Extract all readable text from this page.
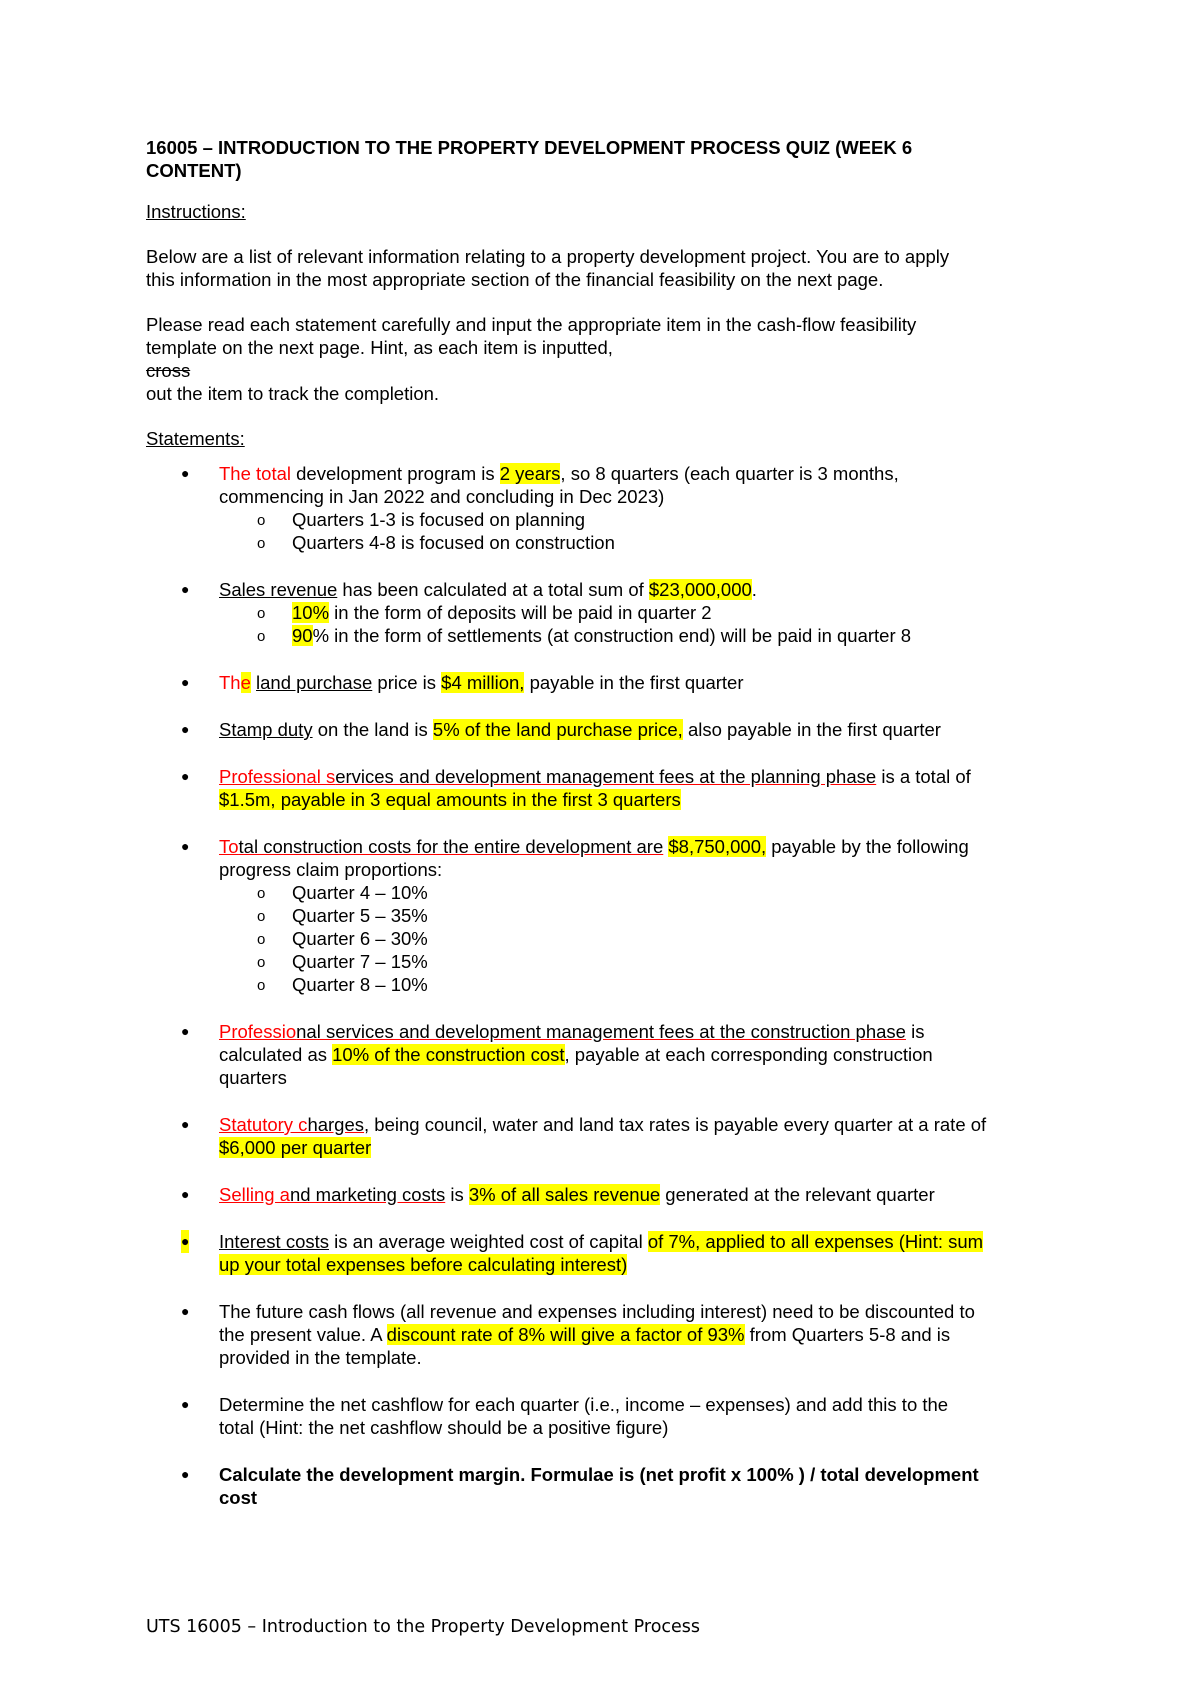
16005 – INTRODUCTION TO THE PROPERTY DEVELOPMENT PROCESS QUIZ (WEEK 6
CONTENT)
Instructions:
Below are a list of relevant information relating to a property development project. You are to apply
this information in the most appropriate section of the financial feasibility on the next page.
Please read each statement carefully and input the appropriate item in the cash-flow feasibility
template on the next page. Hint, as each item is inputted,
cross
out the item to track the completion.
Statements:
● The total development program is 2 years, so 8 quarters (each quarter is 3 months,
commencing in Jan 2022 and concluding in Dec 2023)
o Quarters 1-3 is focused on planning
o Quarters 4-8 is focused on construction
● Sales revenue has been calculated at a total sum of $23,000,000.
o 10% in the form of deposits will be paid in quarter 2
o 90% in the form of settlements (at construction end) will be paid in quarter 8
● The land purchase price is $4 million, payable in the first quarter
● Stamp duty on the land is 5% of the land purchase price, also payable in the first quarter
● Professional services and development management fees at the planning phase is a total of
$1.5m, payable in 3 equal amounts in the first 3 quarters
● Total construction costs for the entire development are $8,750,000, payable by the following
progress claim proportions:
o Quarter 4 – 10%
o Quarter 5 – 35%
o Quarter 6 – 30%
o Quarter 7 – 15%
o Quarter 8 – 10%
● Professional services and development management fees at the construction phase is
calculated as 10% of the construction cost, payable at each corresponding construction
quarters
● Statutory charges, being council, water and land tax rates is payable every quarter at a rate of
$6,000 per quarter
● Selling and marketing costs is 3% of all sales revenue generated at the relevant quarter
● Interest costs is an average weighted cost of capital of 7%, applied to all expenses (Hint: sum
up your total expenses before calculating interest)
● The future cash flows (all revenue and expenses including interest) need to be discounted to
the present value. A discount rate of 8% will give a factor of 93% from Quarters 5-8 and is
provided in the template.
● Determine the net cashflow for each quarter (i.e., income – expenses) and add this to the
total (Hint: the net cashflow should be a positive figure)
● Calculate the development margin. Formulae is (net profit x 100% ) / total development
cost
UTS 16005 – Introduction to the Property Development Process
